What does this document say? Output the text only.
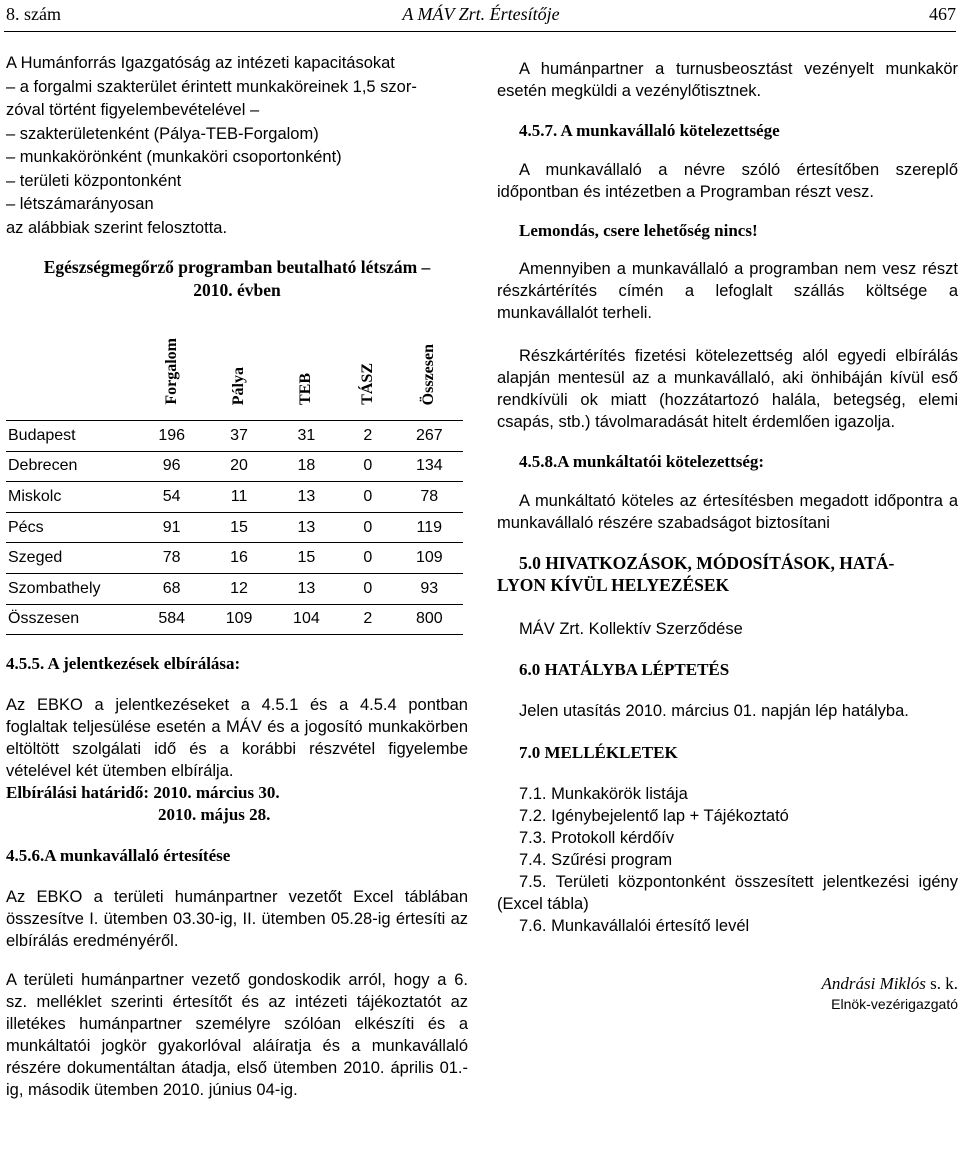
8. szám	A MÁV Zrt. Értesítője	467

A Humánforrás Igazgatóság az intézeti kapacitásokat

– a forgalmi szakterület érintett munkaköreinek 1,5 szor-

zóval történt figyelembevételével –

– szakterületenként (Pálya-TEB-Forgalom)

– munkakörönként (munkaköri csoportonként)

– területi központonként

– létszámarányosan

az alábbiak szerint felosztotta.

Egészségmegőrző programban beutalható létszám –

2010. évben

	Forgalom	Pálya	TEB	TÁSZ	Összesen
Budapest	196	37	31	2	267
Debrecen	96	20	18	0	134
Miskolc	54	11	13	0	78
Pécs	91	15	13	0	119
Szeged	78	16	15	0	109
Szombathely	68	12	13	0	93
Összesen	584	109	104	2	800

4.5.5. A jelentkezések elbírálása:

Az EBKO a jelentkezéseket a 4.5.1 és a 4.5.4 pontban foglaltak teljesülése esetén a MÁV és a jogosító munkakörben eltöltött szolgálati idő és a korábbi részvétel figyelembe vételével két ütemben elbírálja.

Elbírálási határidő: 2010. március 30.

2010. május 28.

4.5.6.A munkavállaló értesítése

Az EBKO a területi humánpartner vezetőt Excel táblában összesítve I. ütemben 03.30-ig, II. ütemben 05.28-ig értesíti az elbírálás eredményéről.

A területi humánpartner vezető gondoskodik arról, hogy a 6. sz. melléklet szerinti értesítőt és az intézeti tájékoztatót az illetékes humánpartner személyre szólóan elkészíti és a munkáltatói jogkör gyakorlóval aláíratja és a munkavállaló részére dokumentáltan átadja, első ütemben 2010. április 01.-ig, második ütemben 2010. június 04-ig.

A humánpartner a turnusbeosztást vezényelt munkakör esetén megküldi a vezénylőtisztnek.

4.5.7. A munkavállaló kötelezettsége

A munkavállaló a névre szóló értesítőben szereplő időpontban és intézetben a Programban részt vesz.

Lemondás, csere lehetőség nincs!

Amennyiben a munkavállaló a programban nem vesz részt részkártérítés címén a lefoglalt szállás költsége a munkavállalót terheli.

Részkártérítés fizetési kötelezettség alól egyedi elbírálás alapján mentesül az a munkavállaló, aki önhibáján kívül eső rendkívüli ok miatt (hozzátartozó halála, betegség, elemi csapás, stb.) távolmaradását hitelt érdemlően igazolja.

4.5.8.A munkáltatói kötelezettség:

A munkáltató köteles az értesítésben megadott időpontra a munkavállaló részére szabadságot biztosítani

5.0 HIVATKOZÁSOK, MÓDOSÍTÁSOK, HATÁ-

LYON KÍVÜL HELYEZÉSEK

MÁV Zrt. Kollektív Szerződése

6.0 HATÁLYBA LÉPTETÉS

Jelen utasítás 2010. március 01. napján lép hatályba.

7.0 MELLÉKLETEK

7.1. Munkakörök listája

7.2. Igénybejelentő lap + Tájékoztató

7.3. Protokoll kérdőív

7.4. Szűrési program

7.5. Területi központonként összesített jelentkezési igény (Excel tábla)

7.6. Munkavállalói értesítő levél

Andrási Miklós s. k.

Elnök-vezérigazgató
